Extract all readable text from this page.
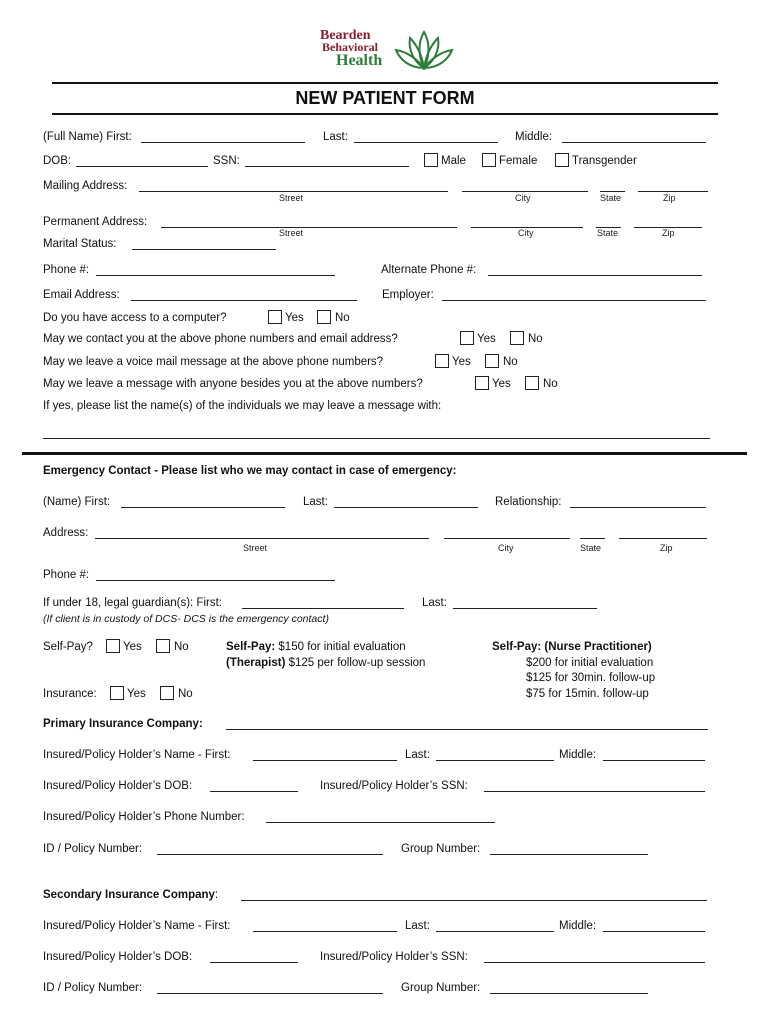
Bearden
Behavioral
Health
NEW PATIENT FORM
(Full Name) First:	Last:	Middle:
DOB:	SSN:	Male	Female	Transgender
Mailing Address:
Street	City	State	Zip
Permanent Address:
Street	City	State	Zip
Marital Status:
Phone #:	Alternate Phone #:
Email Address:	Employer:
Do you have access to a computer?	Yes	No
May we contact you at the above phone numbers and email address?	Yes	No
May we leave a voice mail message at the above phone numbers?	Yes	No
May we leave a message with anyone besides you at the above numbers?	Yes	No
If yes, please list the name(s) of the individuals we may leave a message with:
Emergency Contact - Please list who we may contact in case of emergency:
(Name) First:	Last:	Relationship:
Address:
Street	City	State	Zip
Phone #:
If under 18, legal guardian(s): First:	Last:
(If client is in custody of DCS- DCS is the emergency contact)
Self-Pay?	Yes	No	Self-Pay: $150 for initial evaluation
(Therapist) $125 per follow-up session
Self-Pay: (Nurse Practitioner)
$200 for initial evaluation
$125 for 30min. follow-up
$75 for 15min. follow-up
Insurance:	Yes	No
Primary Insurance Company:
Insured/Policy Holder’s Name - First:	Last:	Middle:
Insured/Policy Holder’s DOB:	Insured/Policy Holder’s SSN:
Insured/Policy Holder’s Phone Number:
ID / Policy Number:	Group Number:
Secondary Insurance Company:
Insured/Policy Holder’s Name - First:	Last:	Middle:
Insured/Policy Holder’s DOB:	Insured/Policy Holder’s SSN:
ID / Policy Number:	Group Number:
